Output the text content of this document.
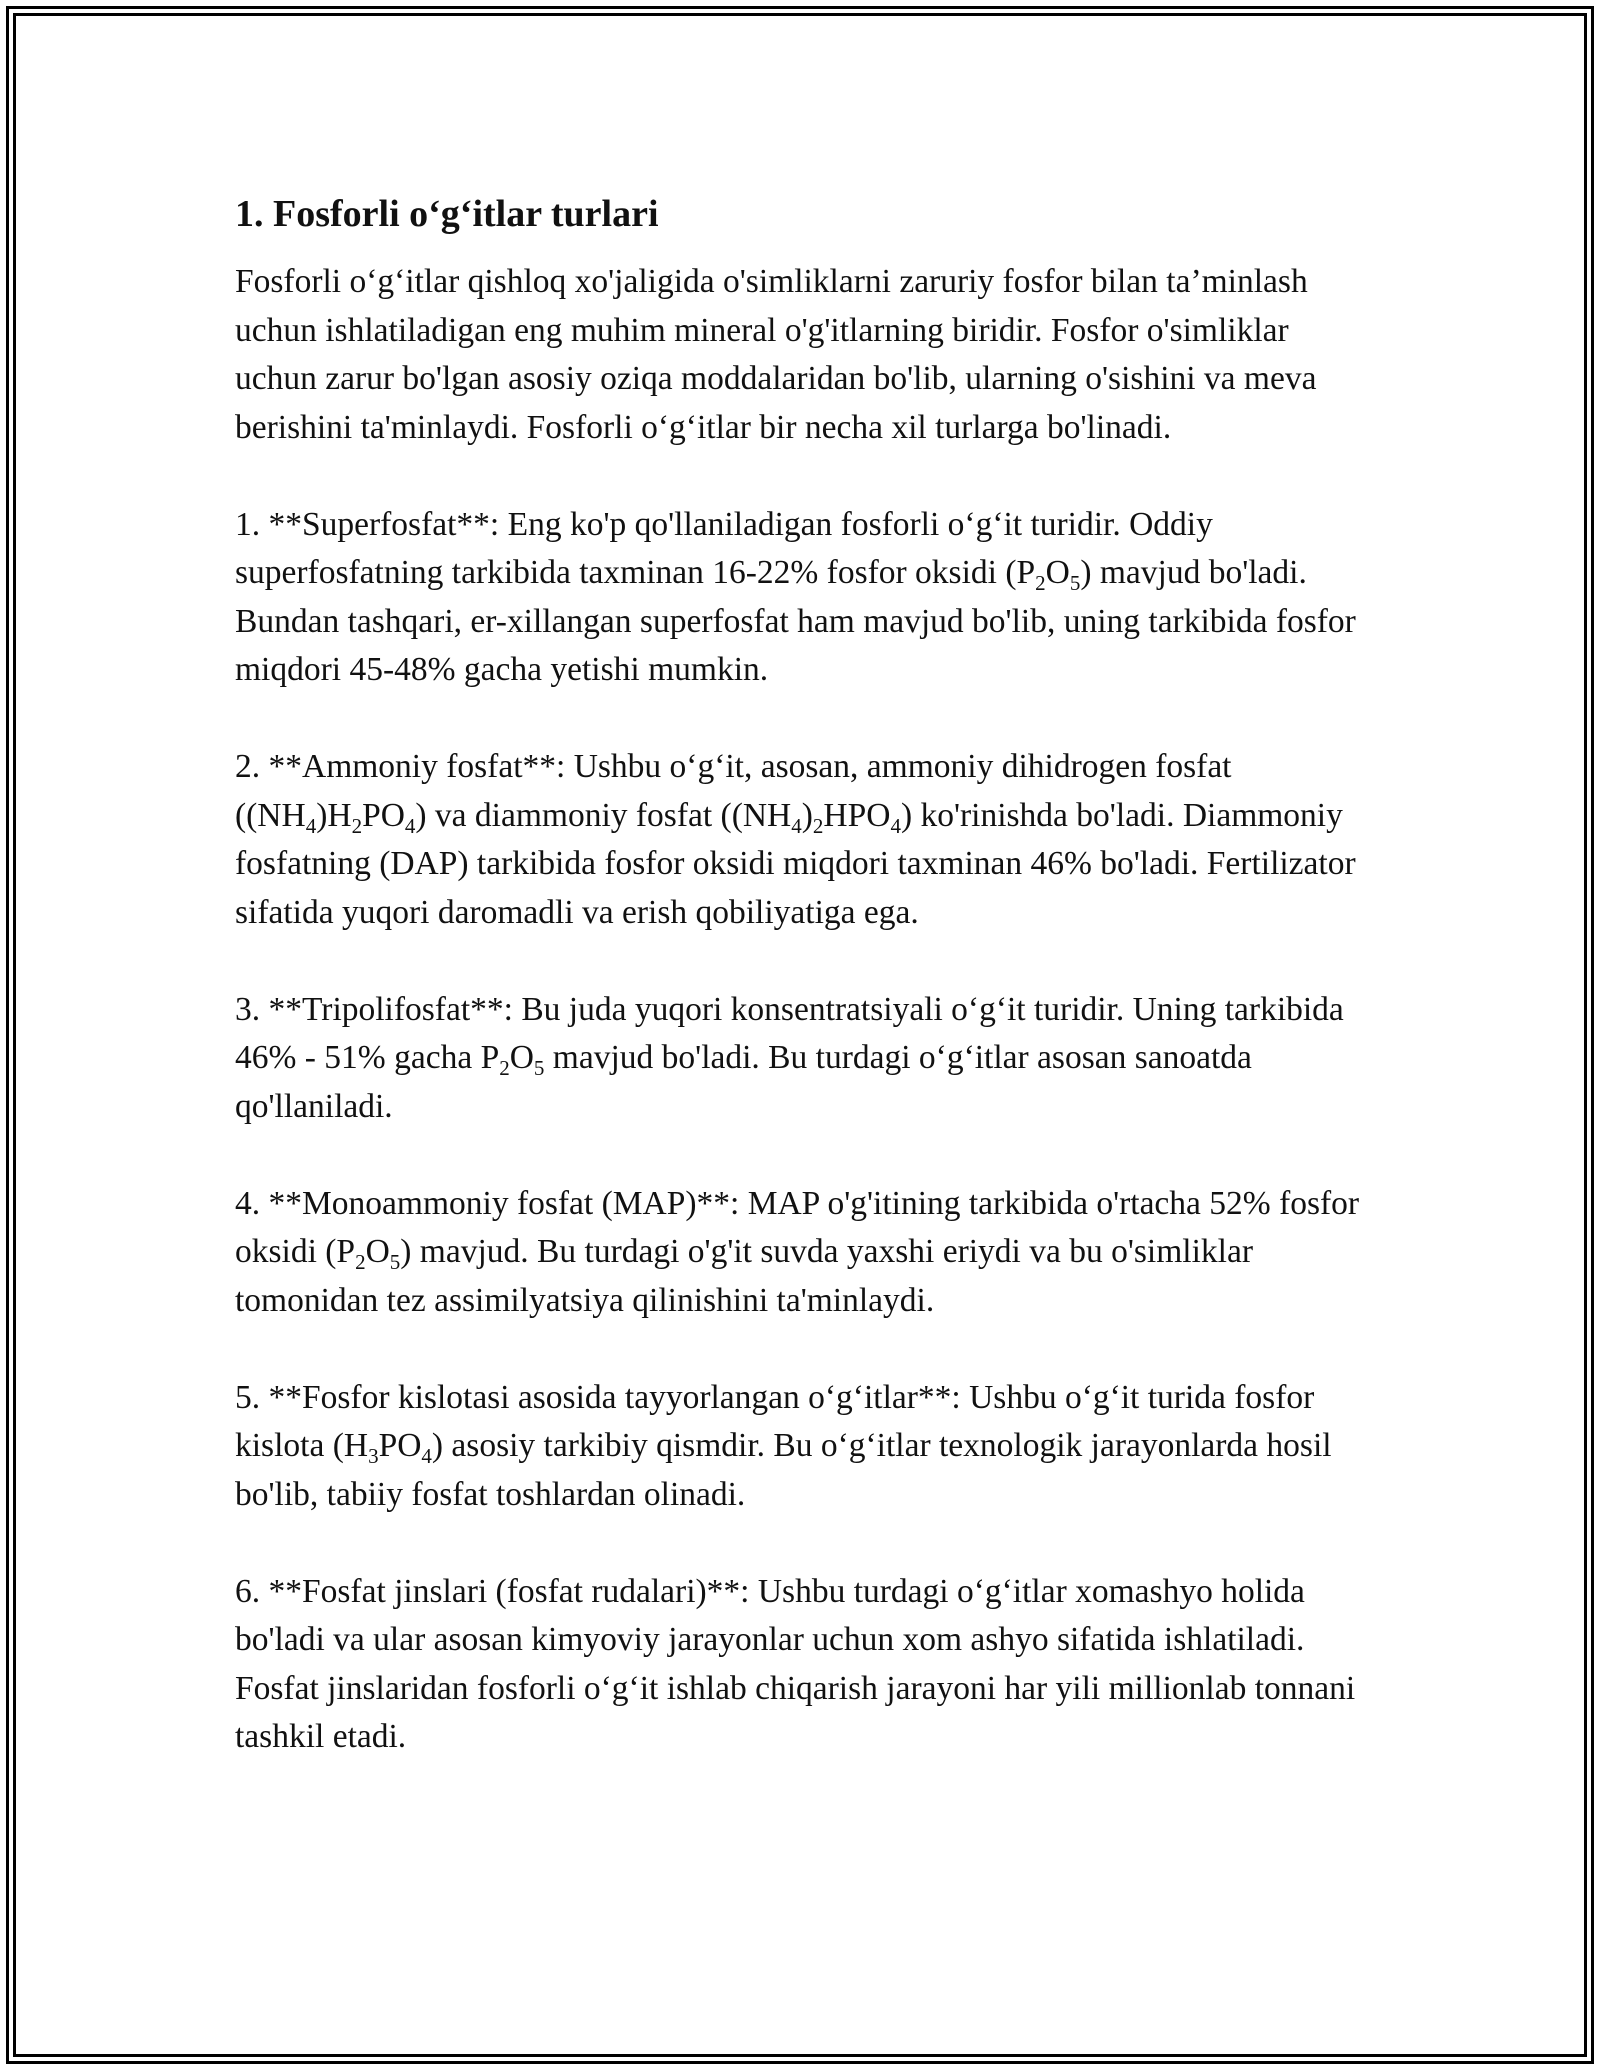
1. Fosforli o‘g‘itlar turlari

Fosforli o‘g‘itlar qishloq xo'jaligida o'simliklarni zaruriy fosfor bilan ta’minlash uchun ishlatiladigan eng muhim mineral o'g'itlarning biridir. Fosfor o'simliklar uchun zarur bo'lgan asosiy oziqa moddalaridan bo'lib, ularning o'sishini va meva berishini ta'minlaydi. Fosforli o‘g‘itlar bir necha xil turlarga bo'linadi.

1. **Superfosfat**: Eng ko'p qo'llaniladigan fosforli o‘g‘it turidir. Oddiy superfosfatning tarkibida taxminan 16-22% fosfor oksidi $(P_2O_5)$ mavjud bo'ladi. Bundan tashqari, er-xillangan superfosfat ham mavjud bo'lib, uning tarkibida fosfor miqdori 45-48% gacha yetishi mumkin.

2. **Ammoniy fosfat**: Ushbu o‘g‘it, asosan, ammoniy dihidrogen fosfat $((NH_4)H_2PO_4)$ va diammoniy fosfat $((NH_4)_2HPO_4)$ ko'rinishda bo'ladi. Diammoniy fosfatning (DAP) tarkibida fosfor oksidi miqdori taxminan 46% bo'ladi. Fertilizator sifatida yuqori daromadli va erish qobiliyatiga ega.

3. **Tripolifosfat**: Bu juda yuqori konsentratsiyali o‘g‘it turidir. Uning tarkibida 46% - 51% gacha $P_2O_5$ mavjud bo'ladi. Bu turdagi o‘g‘itlar asosan sanoatda qo'llaniladi.

4. **Monoammoniy fosfat (MAP)**: MAP o'g'itining tarkibida o'rtacha 52% fosfor oksidi $(P_2O_5)$ mavjud. Bu turdagi o'g'it suvda yaxshi eriydi va bu o'simliklar tomonidan tez assimilyatsiya qilinishini ta'minlaydi.

5. **Fosfor kislotasi asosida tayyorlangan o‘g‘itlar**: Ushbu o‘g‘it turida fosfor kislota $(H_3PO_4)$ asosiy tarkibiy qismdir. Bu o‘g‘itlar texnologik jarayonlarda hosil bo'lib, tabiiy fosfat toshlardan olinadi.

6. **Fosfat jinslari (fosfat rudalari)**: Ushbu turdagi o‘g‘itlar xomashyo holida bo'ladi va ular asosan kimyoviy jarayonlar uchun xom ashyo sifatida ishlatiladi. Fosfat jinslaridan fosforli o‘g‘it ishlab chiqarish jarayoni har yili millionlab tonnani tashkil etadi.
